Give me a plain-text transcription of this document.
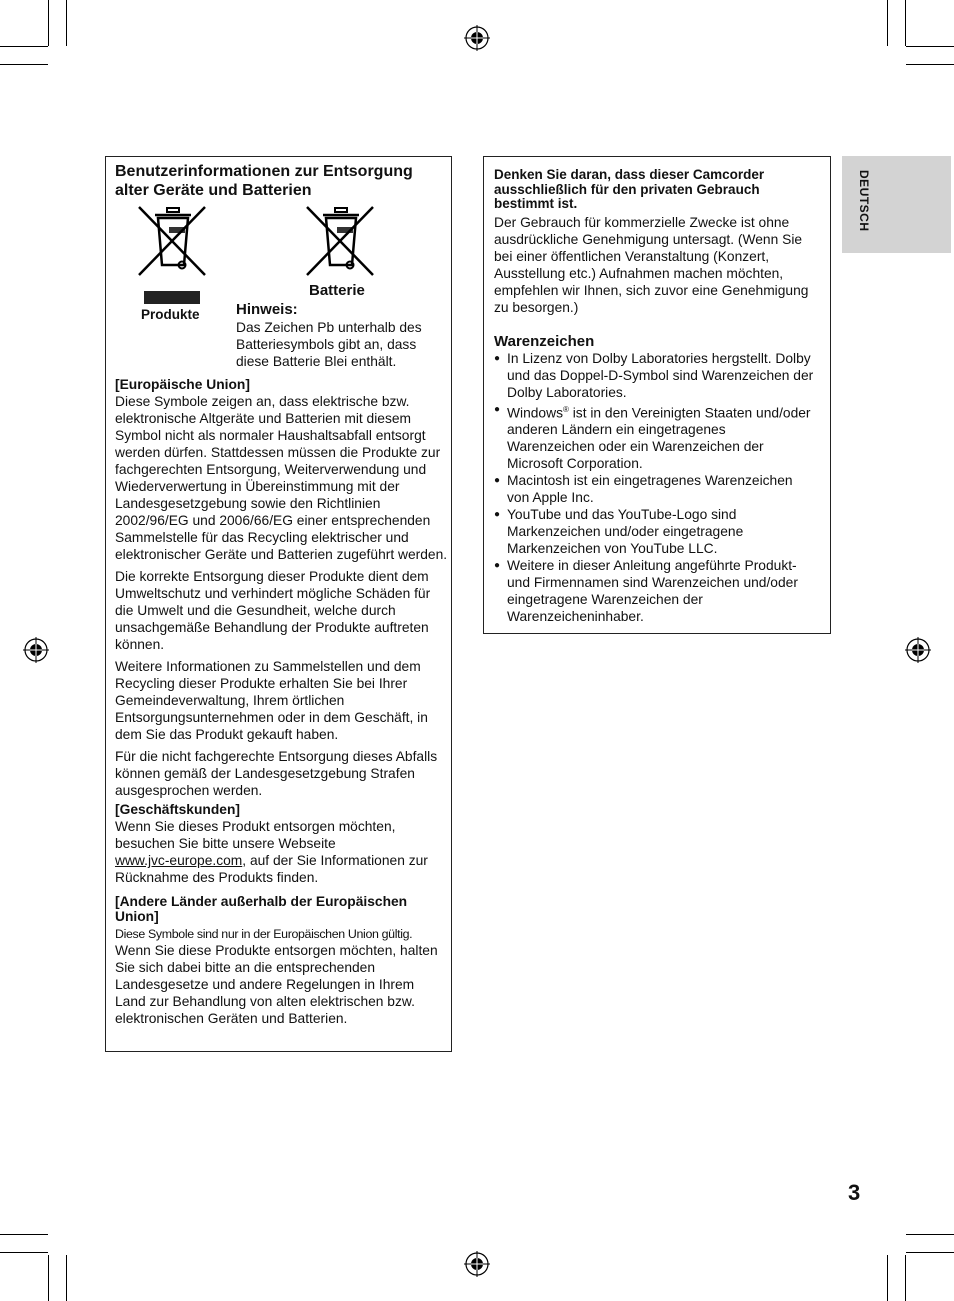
DEUTSCH
Benutzerinformationen zur Entsorgung alter Geräte und Batterien
Produkte
Batterie
Hinweis:
Das Zeichen Pb unterhalb des Batteriesymbols gibt an, dass diese Batterie Blei enthält.

[Europäische Union]

Diese Symbole zeigen an, dass elektrische bzw. elektronische Altgeräte und Batterien mit diesem Symbol nicht als normaler Haushaltsabfall entsorgt werden dürfen. Stattdessen müssen die Produkte zur fachgerechten Entsorgung, Weiterverwendung und Wiederverwertung in Übereinstimmung mit der Landesgesetzgebung sowie den Richtlinien 2002/96/EG und 2006/66/EG einer entsprechenden Sammelstelle für das Recycling elektrischer und elektronischer Geräte und Batterien zugeführt werden.

Die korrekte Entsorgung dieser Produkte dient dem Umweltschutz und verhindert mögliche Schäden für die Umwelt und die Gesundheit, welche durch unsachgemäße Behandlung der Produkte auftreten können.

Weitere Informationen zu Sammelstellen und dem Recycling dieser Produkte erhalten Sie bei Ihrer Gemeindeverwaltung, Ihrem örtlichen Entsorgungsunternehmen oder in dem Geschäft, in dem Sie das Produkt gekauft haben.

Für die nicht fachgerechte Entsorgung dieses Abfalls können gemäß der Landesgesetzgebung Strafen ausgesprochen werden.

[Geschäftskunden]

Wenn Sie dieses Produkt entsorgen möchten, besuchen Sie bitte unsere Webseite
www.jvc-europe.com, auf der Sie Informationen zur Rücknahme des Produkts finden.

[Andere Länder außerhalb der Europäischen Union]

Diese Symbole sind nur in der Europäischen Union gültig.

Wenn Sie diese Produkte entsorgen möchten, halten Sie sich dabei bitte an die entsprechenden Landesgesetze und andere Regelungen in Ihrem Land zur Behandlung von alten elektrischen bzw. elektronischen Geräten und Batterien.

Denken Sie daran, dass dieser Camcorder ausschließlich für den privaten Gebrauch bestimmt ist.

Der Gebrauch für kommerzielle Zwecke ist ohne ausdrückliche Genehmigung untersagt. (Wenn Sie bei einer öffentlichen Veranstaltung (Konzert, Ausstellung etc.) Aufnahmen machen möchten, empfehlen wir Ihnen, sich zuvor eine Genehmigung zu besorgen.)

Warenzeichen

● In Lizenz von Dolby Laboratories hergstellt. Dolby und das Doppel-D-Symbol sind Warenzeichen der Dolby Laboratories.
● Windows® ist in den Vereinigten Staaten und/oder anderen Ländern ein eingetragenes Warenzeichen oder ein Warenzeichen der Microsoft Corporation.
● Macintosh ist ein eingetragenes Warenzeichen von Apple Inc.
● YouTube und das YouTube-Logo sind Markenzeichen und/oder eingetragene Markenzeichen von YouTube LLC.
● Weitere in dieser Anleitung angeführte Produkt- und Firmennamen sind Warenzeichen und/oder eingetragene Warenzeichen der Warenzeicheninhaber.
3
